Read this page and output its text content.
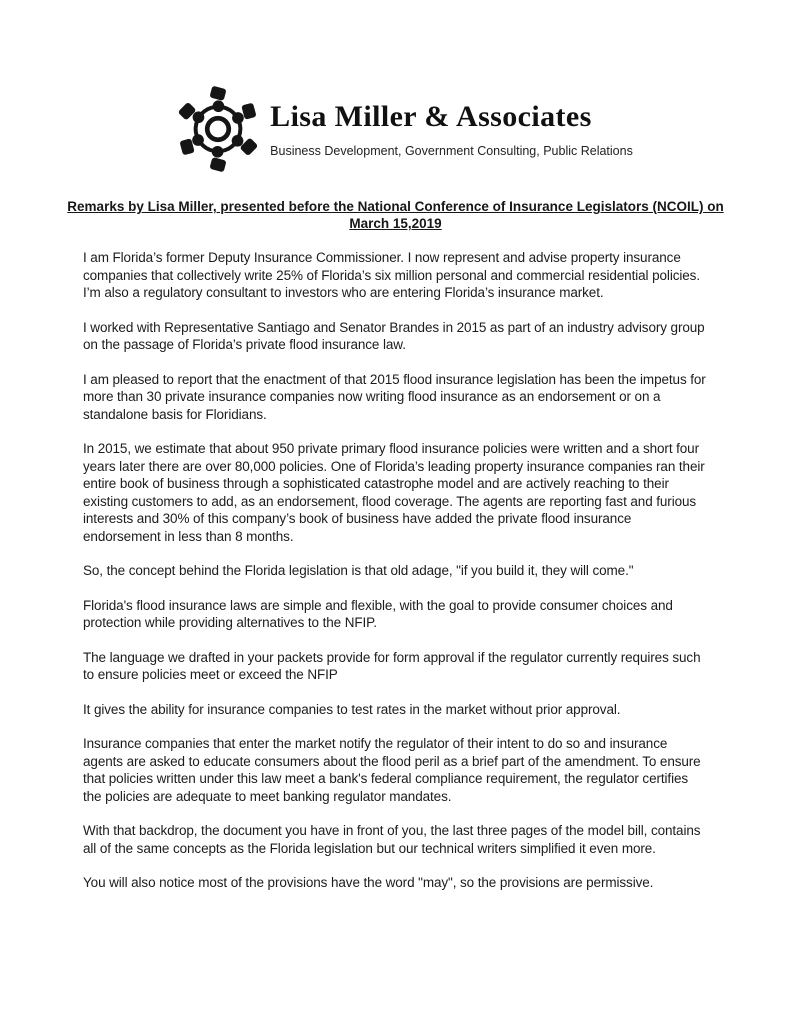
Lisa Miller & Associates
Business Development, Government Consulting, Public Relations
Remarks by Lisa Miller, presented before the National Conference of Insurance Legislators (NCOIL) on
March 15,2019

I am Florida’s former Deputy Insurance Commissioner. I now represent and advise property insurance companies that collectively write 25% of Florida’s six million personal and commercial residential policies. I’m also a regulatory consultant to investors who are entering Florida’s insurance market.

I worked with Representative Santiago and Senator Brandes in 2015 as part of an industry advisory group on the passage of Florida’s private flood insurance law.

I am pleased to report that the enactment of that 2015 flood insurance legislation has been the impetus for more than 30 private insurance companies now writing flood insurance as an endorsement or on a standalone basis for Floridians.

In 2015, we estimate that about 950 private primary flood insurance policies were written and a short four years later there are over 80,000 policies. One of Florida’s leading property insurance companies ran their entire book of business through a sophisticated catastrophe model and are actively reaching to their existing customers to add, as an endorsement, flood coverage. The agents are reporting fast and furious interests and 30% of this company’s book of business have added the private flood insurance endorsement in less than 8 months.

So, the concept behind the Florida legislation is that old adage, "if you build it, they will come."

Florida's flood insurance laws are simple and flexible, with the goal to provide consumer choices and protection while providing alternatives to the NFIP.

The language we drafted in your packets provide for form approval if the regulator currently requires such to ensure policies meet or exceed the NFIP

It gives the ability for insurance companies to test rates in the market without prior approval.

Insurance companies that enter the market notify the regulator of their intent to do so and insurance agents are asked to educate consumers about the flood peril as a brief part of the amendment. To ensure that policies written under this law meet a bank's federal compliance requirement, the regulator certifies the policies are adequate to meet banking regulator mandates.

With that backdrop, the document you have in front of you, the last three pages of the model bill, contains all of the same concepts as the Florida legislation but our technical writers simplified it even more.

You will also notice most of the provisions have the word "may", so the provisions are permissive.
